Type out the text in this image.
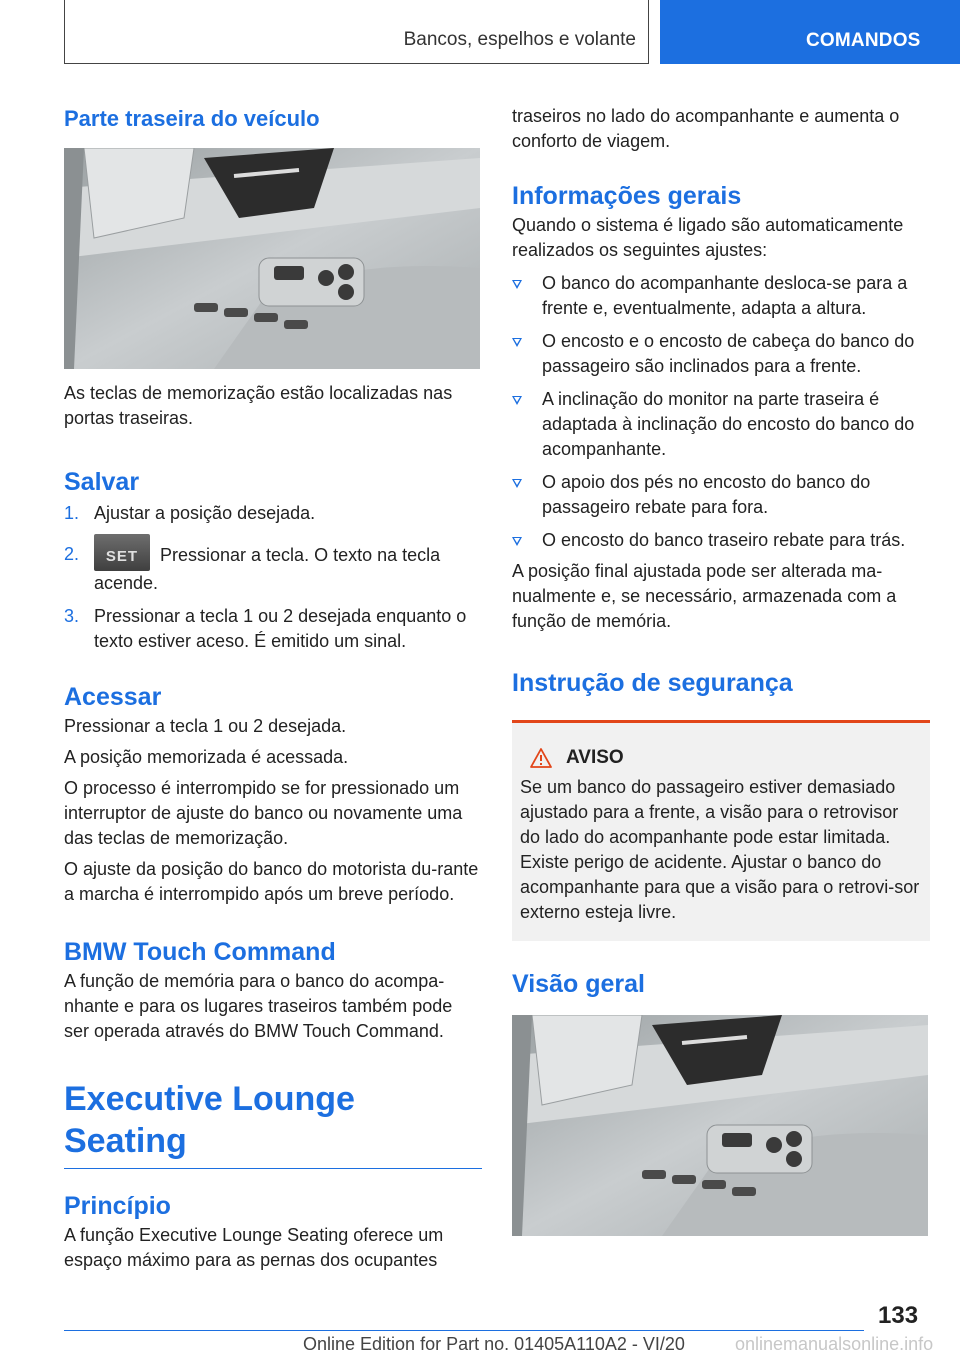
Bancos, espelhos e volante	COMANDOS
Parte traseira do veículo

As teclas de memorização estão localizadas nas portas traseiras.

Salvar
1. Ajustar a posição desejada.
2.	SET	Pressionar a tecla. O texto na tecla acende.
3. Pressionar a tecla 1 ou 2 desejada enquanto o texto estiver aceso. É emitido um sinal.
Acessar

Pressionar a tecla 1 ou 2 desejada.

A posição memorizada é acessada.

O processo é interrompido se for pressionado um interruptor de ajuste do banco ou novamente uma das teclas de memorização.

O ajuste da posição do banco do motorista du-rante a marcha é interrompido após um breve período.

BMW Touch Command

A função de memória para o banco do acompa-nhante e para os lugares traseiros também pode ser operada através do BMW Touch Command.

Executive Lounge Seating
Princípio

A função Executive Lounge Seating oferece um espaço máximo para as pernas dos ocupantes

traseiros no lado do acompanhante e aumenta o conforto de viagem.

Informações gerais

Quando o sistema é ligado são automaticamente realizados os seguintes ajustes:

O banco do acompanhante desloca-se para a frente e, eventualmente, adapta a altura.
O encosto e o encosto de cabeça do banco do passageiro são inclinados para a frente.
A inclinação do monitor na parte traseira é adaptada à inclinação do encosto do banco do acompanhante.
O apoio dos pés no encosto do banco do passageiro rebate para fora.
O encosto do banco traseiro rebate para trás.

A posição final ajustada pode ser alterada ma-nualmente e, se necessário, armazenada com a função de memória.

Instrução de segurança
AVISO

Se um banco do passageiro estiver demasiado ajustado para a frente, a visão para o retrovisor do lado do acompanhante pode estar limitada. Existe perigo de acidente. Ajustar o banco do acompanhante para que a visão para o retrovi-sor externo esteja livre.

Visão geral
133
Online Edition for Part no. 01405A110A2 - VI/20	onlinemanualsonline.info
